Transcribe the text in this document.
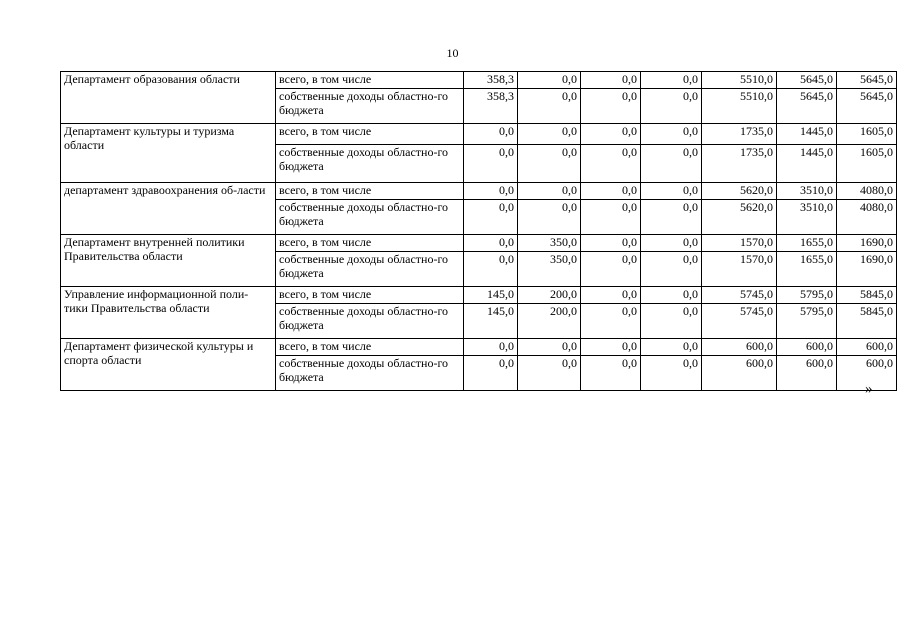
10
Департамент образования области	всего, в том числе	358,3	0,0	0,0	0,0	5510,0	5645,0	5645,0
	собственные доходы областно-го бюджета	358,3	0,0	0,0	0,0	5510,0	5645,0	5645,0
Департамент культуры и туризма области	всего, в том числе	0,0	0,0	0,0	0,0	1735,0	1445,0	1605,0
	собственные доходы областно-го бюджета	0,0	0,0	0,0	0,0	1735,0	1445,0	1605,0
департамент здравоохранения об-ласти	всего, в том числе	0,0	0,0	0,0	0,0	5620,0	3510,0	4080,0
	собственные доходы областно-го бюджета	0,0	0,0	0,0	0,0	5620,0	3510,0	4080,0
Департамент внутренней политики Правительства области	всего, в том числе	0,0	350,0	0,0	0,0	1570,0	1655,0	1690,0
	собственные доходы областно-го бюджета	0,0	350,0	0,0	0,0	1570,0	1655,0	1690,0
Управление информационной поли-тики Правительства области	всего, в том числе	145,0	200,0	0,0	0,0	5745,0	5795,0	5845,0
	собственные доходы областно-го бюджета	145,0	200,0	0,0	0,0	5745,0	5795,0	5845,0
Департамент физической культуры и спорта области	всего, в том числе	0,0	0,0	0,0	0,0	600,0	600,0	600,0
	собственные доходы областно-го бюджета	0,0	0,0	0,0	0,0	600,0	600,0	600,0
»
